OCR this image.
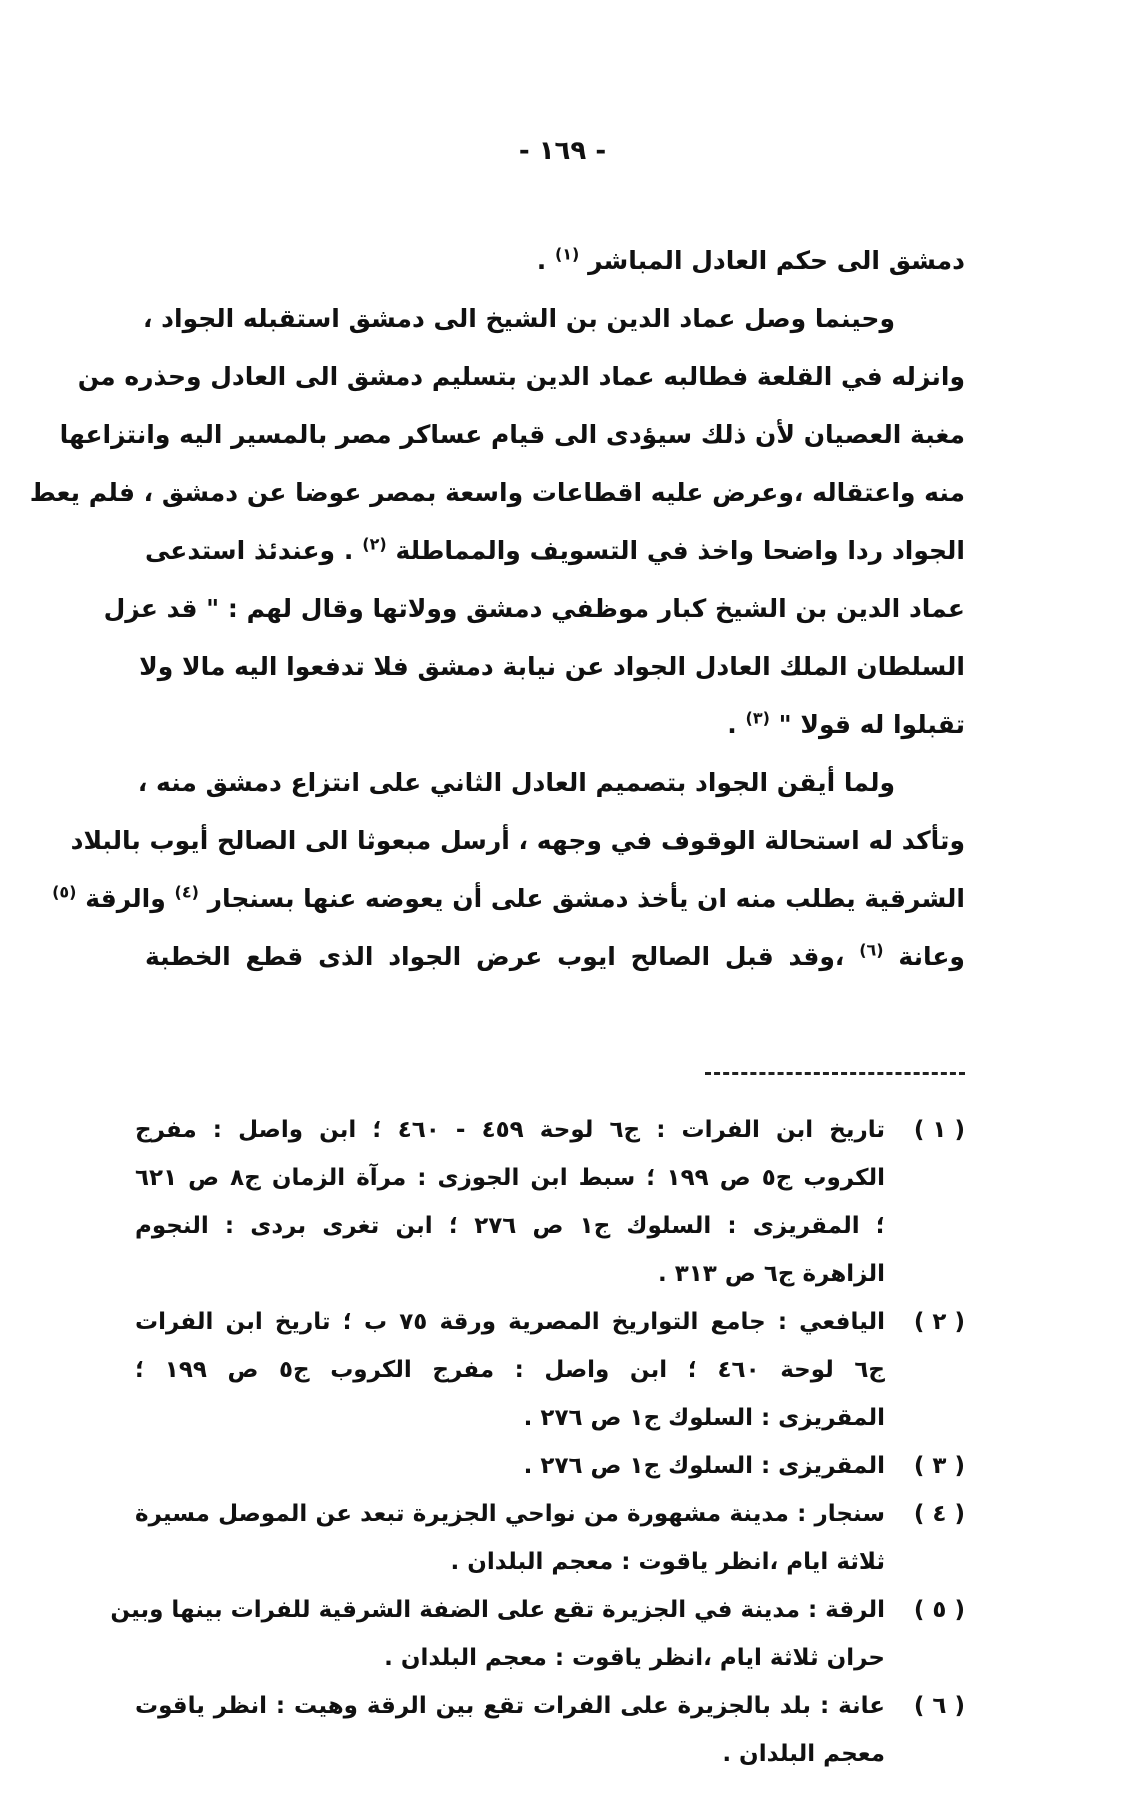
- ١٦٩ -
دمشق الى حكم العادل المباشر $^{(١)}$ .
وحينما وصل عماد الدين بن الشيخ الى دمشق استقبله الجواد ،
وانزله في القلعة فطالبه عماد الدين بتسليم دمشق الى العادل وحذره من
مغبة العصيان لأن ذلك سيؤدى الى قيام عساكر مصر بالمسير اليه وانتزاعها
منه واعتقاله ،وعرض عليه اقطاعات واسعة بمصر عوضا عن دمشق ، فلم يعط
الجواد ردا واضحا واخذ في التسويف والمماطلة $^{(٢)}$ . وعندئذ استدعى
عماد الدين بن الشيخ كبار موظفي دمشق وولاتها وقال لهم : " قد عزل
السلطان الملك العادل الجواد عن نيابة دمشق فلا تدفعوا اليه مالا ولا
تقبلوا له قولا " $^{(٣)}$ .
ولما أيقن الجواد بتصميم العادل الثاني على انتزاع دمشق منه ،
وتأكد له استحالة الوقوف في وجهه ، أرسل مبعوثا الى الصالح أيوب بالبلاد
الشرقية يطلب منه ان يأخذ دمشق على أن يعوضه عنها بسنجار $^{(٤)}$ والرقة $^{(٥)}$
وعانة $^{(٦)}$ ،وقد قبل الصالح ايوب عرض الجواد الذى قطع الخطبة
( ١ )
تاريخ ابن الفرات : ج٦ لوحة ٤٥٩ - ٤٦٠ ؛ ابن واصل : مفرج
الكروب ج٥ ص ١٩٩ ؛ سبط ابن الجوزى : مرآة الزمان ج٨ ص ٦٢١
؛ المقريزى : السلوك ج١ ص ٢٧٦ ؛ ابن تغرى بردى : النجوم
الزاهرة ج٦ ص ٣١٣ .
( ٢ )
اليافعي : جامع التواريخ المصرية ورقة ٧٥ ب ؛ تاريخ ابن الفرات
ج٦ لوحة ٤٦٠ ؛ ابن واصل : مفرج الكروب ج٥ ص ١٩٩ ؛
المقريزى : السلوك ج١ ص ٢٧٦ .
( ٣ )
المقريزى : السلوك ج١ ص ٢٧٦ .
( ٤ )
سنجار : مدينة مشهورة من نواحي الجزيرة تبعد عن الموصل مسيرة
ثلاثة ايام ،انظر ياقوت : معجم البلدان .
( ٥ )
الرقة : مدينة في الجزيرة تقع على الضفة الشرقية للفرات بينها وبين
حران ثلاثة ايام ،انظر ياقوت : معجم البلدان .
( ٦ )
عانة : بلد بالجزيرة على الفرات تقع بين الرقة وهيت : انظر ياقوت
معجم البلدان .
